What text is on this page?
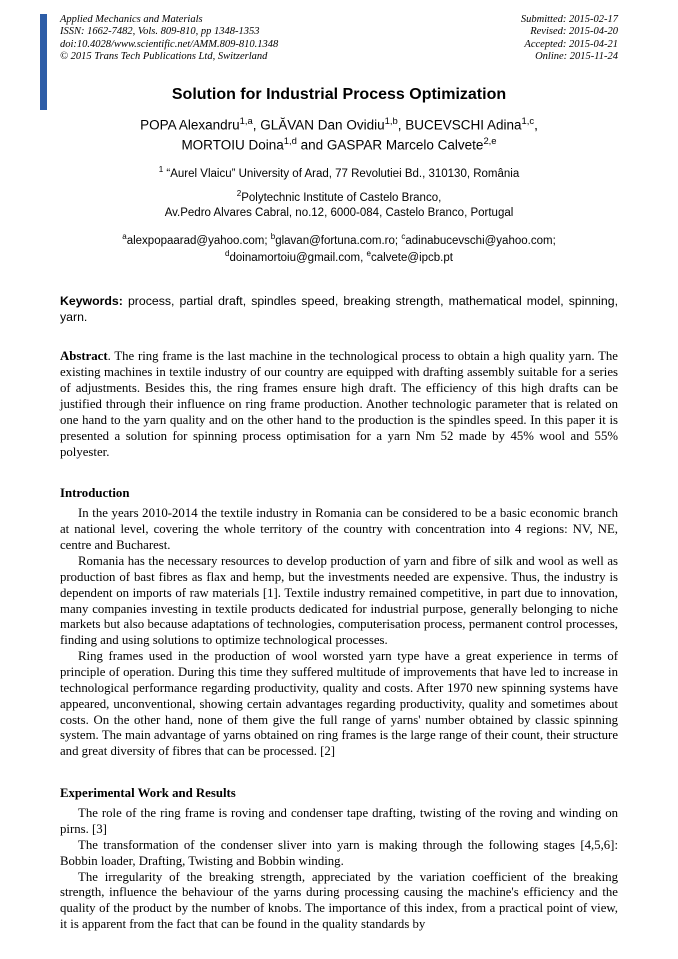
Applied Mechanics and Materials
ISSN: 1662-7482, Vols. 809-810, pp 1348-1353
doi:10.4028/www.scientific.net/AMM.809-810.1348
© 2015 Trans Tech Publications Ltd, Switzerland
Submitted: 2015-02-17
Revised: 2015-04-20
Accepted: 2015-04-21
Online: 2015-11-24
Solution for Industrial Process Optimization
POPA Alexandru$^{1,a}$, GLĂVAN Dan Ovidiu$^{1,b}$, BUCEVSCHI Adina$^{1,c}$,
MORTOIU Doina$^{1,d}$ and GASPAR Marcelo Calvete$^{2,e}$
$^1$ “Aurel Vlaicu” University of Arad, 77 Revolutiei Bd., 310130, România
$^2$Polytechnic Institute of Castelo Branco,
Av.Pedro Alvares Cabral, no.12, 6000-084, Castelo Branco, Portugal
$^a$alexpopaarad@yahoo.com; $^b$glavan@fortuna.com.ro; $^c$adinabucevschi@yahoo.com;
$^d$doinamortoiu@gmail.com, $^e$calvete@ipcb.pt
Keywords: process, partial draft, spindles speed, breaking strength, mathematical model, spinning, yarn.
Abstract. The ring frame is the last machine in the technological process to obtain a high quality yarn. The existing machines in textile industry of our country are equipped with drafting assembly suitable for a series of adjustments. Besides this, the ring frames ensure high draft. The efficiency of this high drafts can be justified through their influence on ring frame production. Another technologic parameter that is related on one hand to the yarn quality and on the other hand to the production is the spindles speed. In this paper it is presented a solution for spinning process optimisation for a yarn Nm 52 made by 45% wool and 55% polyester.
Introduction

In the years 2010-2014 the textile industry in Romania can be considered to be a basic economic branch at national level, covering the whole territory of the country with concentration into 4 regions: NV, NE, centre and Bucharest.

Romania has the necessary resources to develop production of yarn and fibre of silk and wool as well as production of bast fibres as flax and hemp, but the investments needed are expensive. Thus, the industry is dependent on imports of raw materials [1]. Textile industry remained competitive, in part due to innovation, many companies investing in textile products dedicated for industrial purpose, generally belonging to niche markets but also because adaptations of technologies, computerisation process, permanent control processes, finding and using solutions to optimize technological processes.

Ring frames used in the production of wool worsted yarn type have a great experience in terms of principle of operation. During this time they suffered multitude of improvements that have led to increase in technological performance regarding productivity, quality and costs. After 1970 new spinning systems have appeared, unconventional, showing certain advantages regarding productivity, quality and sometimes about costs. On the other hand, none of them give the full range of yarns' number obtained by classic spinning system. The main advantage of yarns obtained on ring frames is the large range of their count, their structure and great diversity of fibres that can be processed. [2]

Experimental Work and Results

The role of the ring frame is roving and condenser tape drafting, twisting of the roving and winding on pirns. [3]

The transformation of the condenser sliver into yarn is making through the following stages [4,5,6]: Bobbin loader, Drafting, Twisting and Bobbin winding.

The irregularity of the breaking strength, appreciated by the variation coefficient of the breaking strength, influence the behaviour of the yarns during processing causing the machine's efficiency and the quality of the product by the number of knobs. The importance of this index, from a practical point of view, it is apparent from the fact that can be found in the quality standards by
